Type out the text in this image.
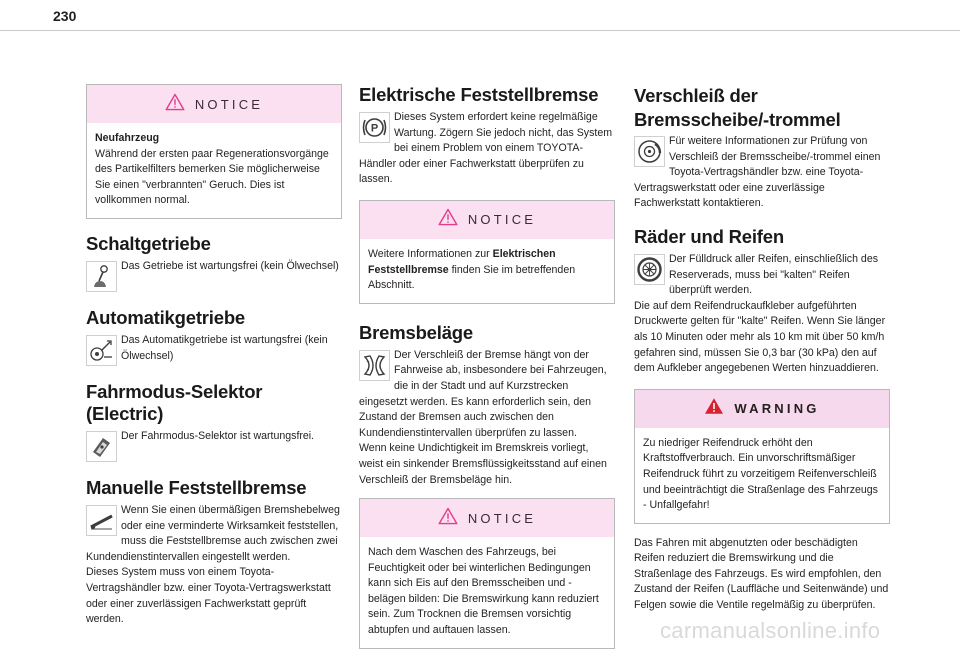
230
NOTICE
Neufahrzeug
Während der ersten paar Regenerationsvorgänge des Partikelfilters bemerken Sie möglicherweise Sie einen "verbrannten" Geruch. Dies ist vollkommen normal.
Schaltgetriebe
Das Getriebe ist wartungsfrei (kein Ölwechsel)
Automatikgetriebe
Das Automatikgetriebe ist wartungsfrei (kein Ölwechsel)
Fahrmodus-Selektor (Electric)
Der Fahrmodus-Selektor ist wartungsfrei.
Manuelle Feststellbremse
Wenn Sie einen übermäßigen Bremshebelweg oder eine verminderte Wirksamkeit feststellen, muss die Feststellbremse auch zwischen zwei Kundendienstintervallen eingestellt werden.
Dieses System muss von einem Toyota-Vertragshändler bzw. einer Toyota-Vertragswerkstatt oder einer zuverlässigen Fachwerkstatt geprüft werden.
Elektrische Feststellbremse
P
Dieses System erfordert keine regelmäßige Wartung. Zögern Sie jedoch nicht, das System bei einem Problem von einem TOYOTA-Händler oder einer Fachwerkstatt überprüfen zu lassen.
NOTICE
Weitere Informationen zur Elektrischen Feststellbremse finden Sie im betreffenden Abschnitt.
Bremsbeläge
Der Verschleiß der Bremse hängt von der Fahrweise ab, insbesondere bei Fahrzeugen, die in der Stadt und auf Kurzstrecken eingesetzt werden. Es kann erforderlich sein, den Zustand der Bremsen auch zwischen den Kundendienstintervallen überprüfen zu lassen.
Wenn keine Undichtigkeit im Bremskreis vorliegt, weist ein sinkender Bremsflüssigkeitsstand auf einen Verschleiß der Bremsbeläge hin.
NOTICE
Nach dem Waschen des Fahrzeugs, bei Feuchtigkeit oder bei winterlichen Bedingungen kann sich Eis auf den Bremsscheiben und -belägen bilden: Die Bremswirkung kann reduziert sein. Zum Trocknen die Bremsen vorsichtig abtupfen und auftauen lassen.
Verschleiß der
Bremsscheibe/-trommel
Für weitere Informationen zur Prüfung von Verschleiß der Bremsscheibe/-trommel einen Toyota-Vertragshändler bzw. eine Toyota-Vertragswerkstatt oder eine zuverlässige Fachwerkstatt kontaktieren.
Räder und Reifen
Der Fülldruck aller Reifen, einschließlich des Reserverads, muss bei "kalten" Reifen überprüft werden.
Die auf dem Reifendruckaufkleber aufgeführten Druckwerte gelten für "kalte" Reifen. Wenn Sie länger als 10 Minuten oder mehr als 10 km mit über 50 km/h gefahren sind, müssen Sie 0,3 bar (30 kPa) den auf dem Aufkleber angegebenen Werten hinzuaddieren.
WARNING
Zu niedriger Reifendruck erhöht den Kraftstoffverbrauch. Ein unvorschriftsmäßiger Reifendruck führt zu vorzeitigem Reifenverschleiß und beeinträchtigt die Straßenlage des Fahrzeugs - Unfallgefahr!
Das Fahren mit abgenutzten oder beschädigten Reifen reduziert die Bremswirkung und die Straßenlage des Fahrzeugs. Es wird empfohlen, den Zustand der Reifen (Lauffläche und Seitenwände) und Felgen sowie die Ventile regelmäßig zu überprüfen.
carmanualsonline.info
